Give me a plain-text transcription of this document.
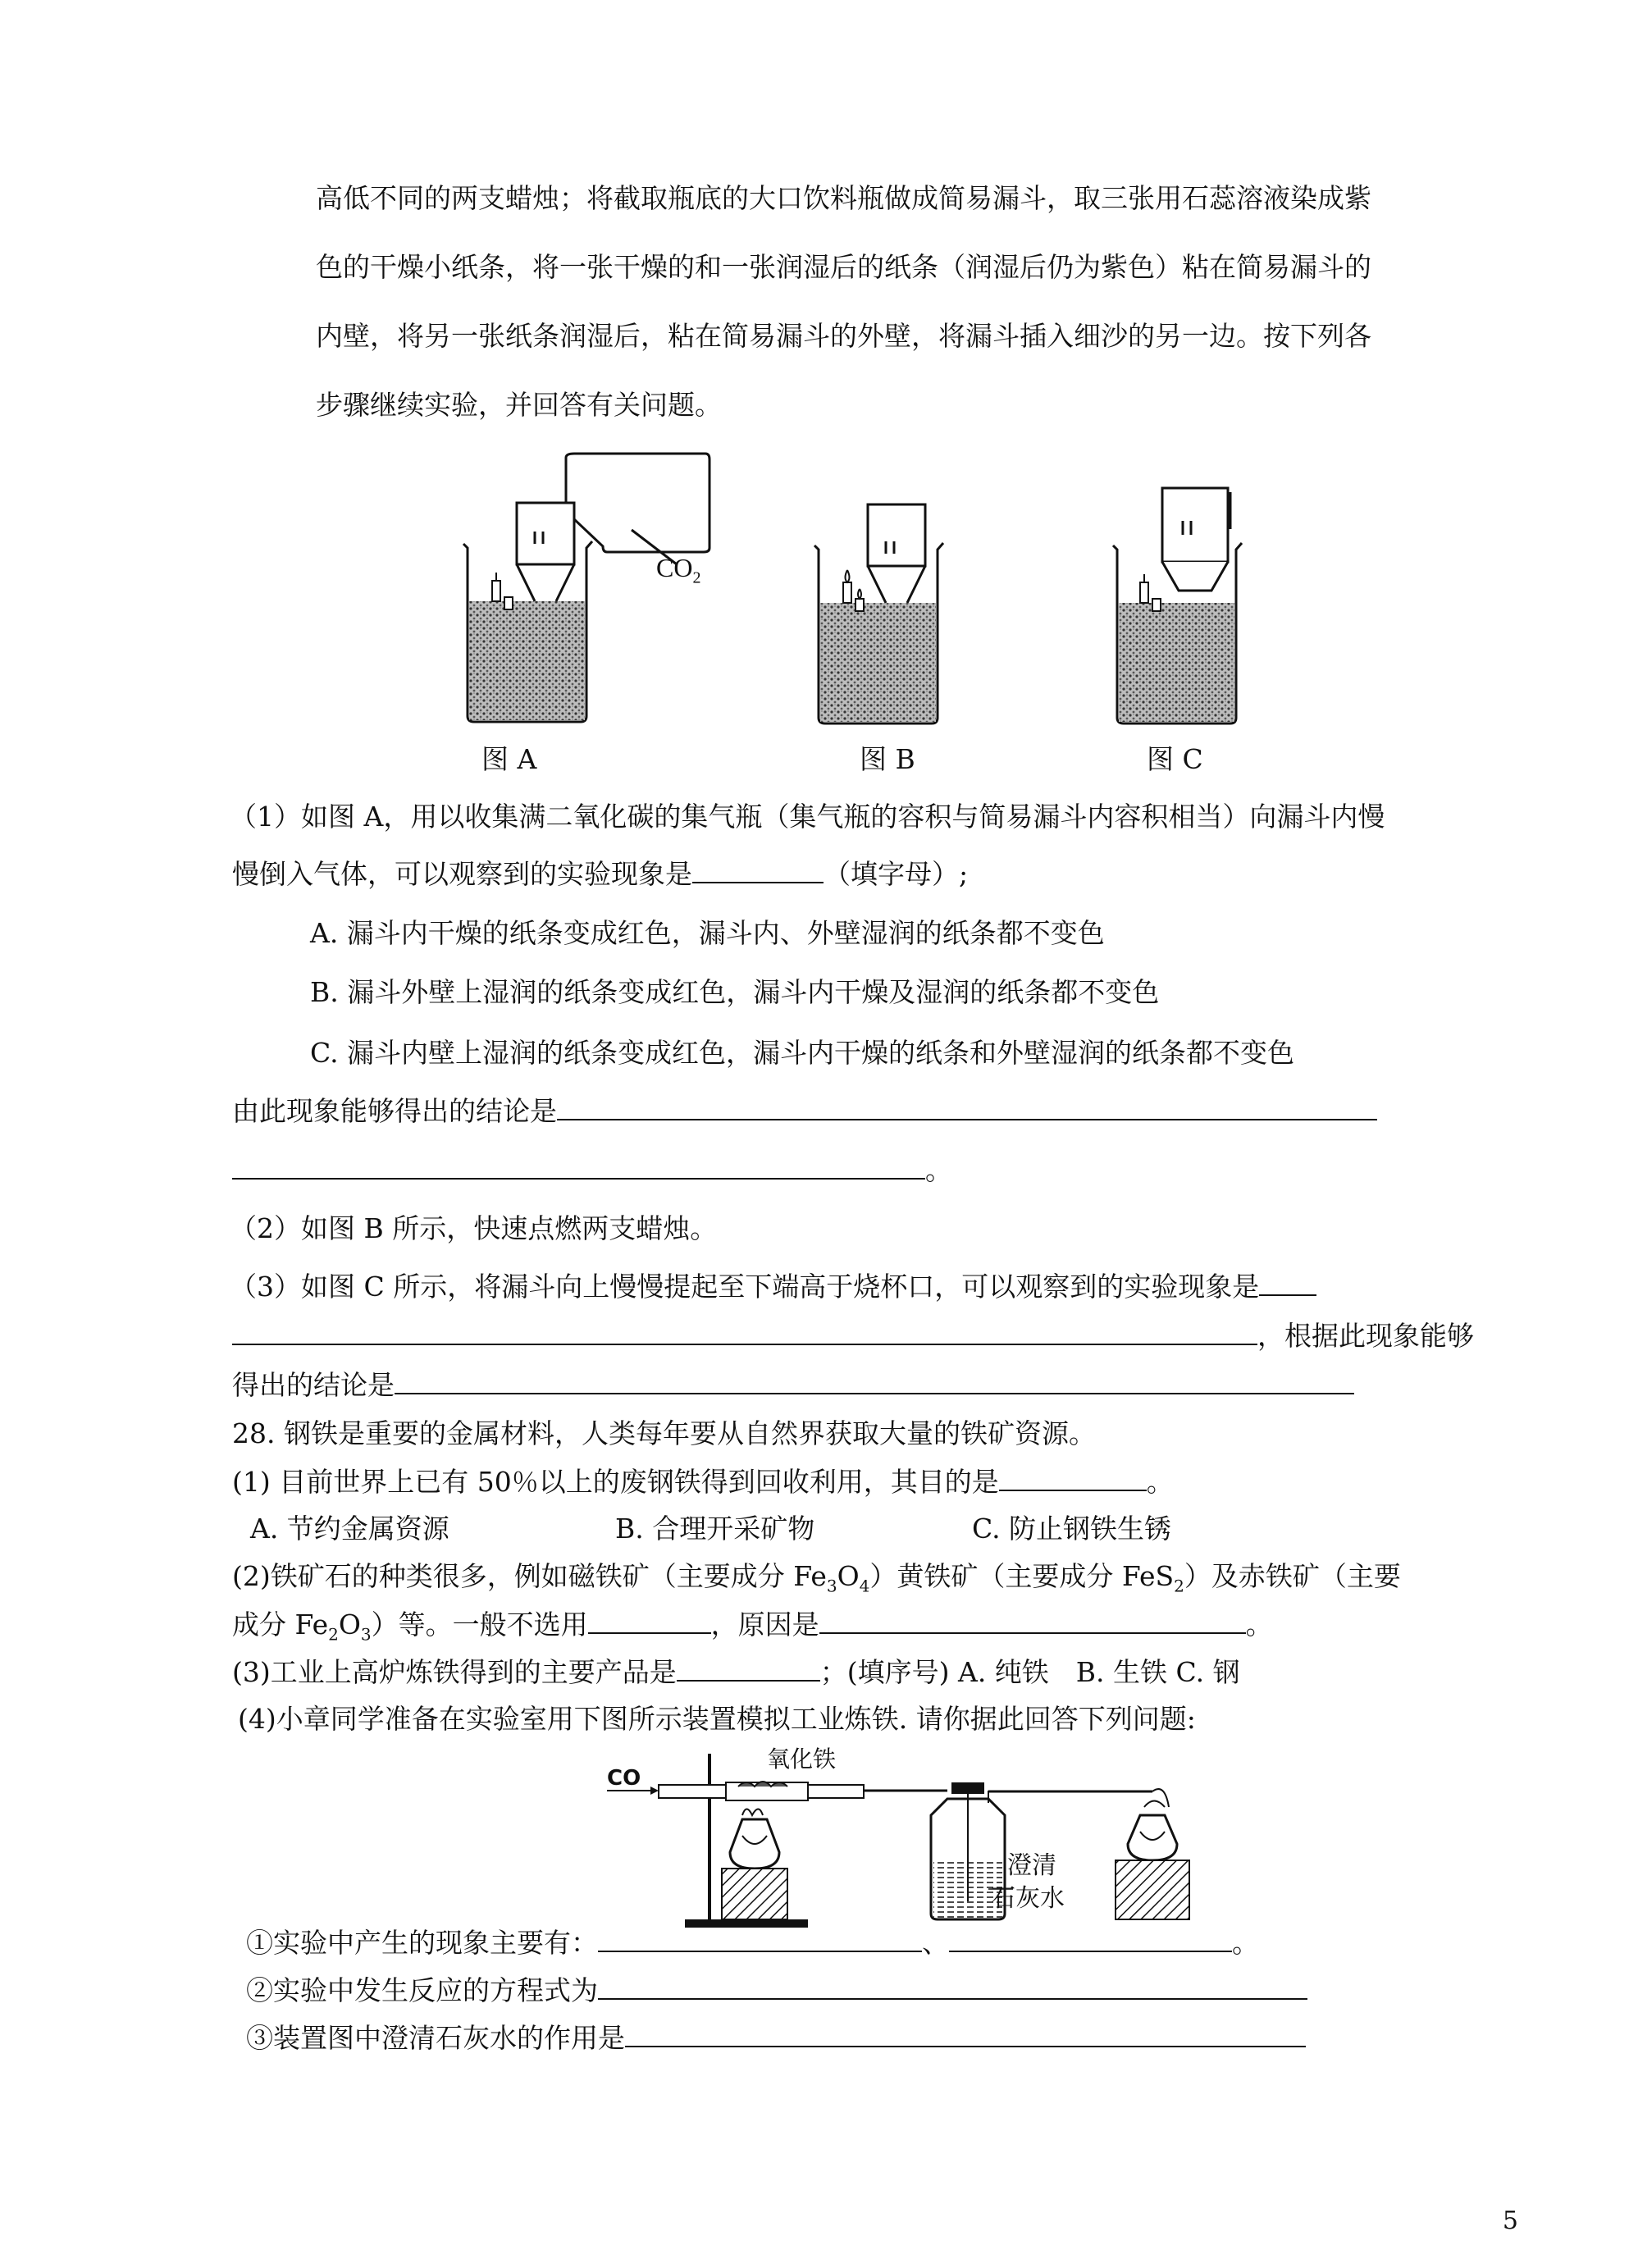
高低不同的两支蜡烛；将截取瓶底的大口饮料瓶做成简易漏斗，取三张用石蕊溶液染成紫
色的干燥小纸条，将一张干燥的和一张润湿后的纸条（润湿后仍为紫色）粘在简易漏斗的
内壁，将另一张纸条润湿后，粘在简易漏斗的外壁，将漏斗插入细沙的另一边。按下列各
步骤继续实验，并回答有关问题。
$CO_2$
图 A	图 B	图 C
（1）如图 A，用以收集满二氧化碳的集气瓶（集气瓶的容积与简易漏斗内容积相当）向漏斗内慢
慢倒入气体，可以观察到的实验现象是	（填字母）;
A. 漏斗内干燥的纸条变成红色，漏斗内、外壁湿润的纸条都不变色
B. 漏斗外壁上湿润的纸条变成红色，漏斗内干燥及湿润的纸条都不变色
C. 漏斗内壁上湿润的纸条变成红色，漏斗内干燥的纸条和外壁湿润的纸条都不变色
由此现象能够得出的结论是
。
（2）如图 B 所示，快速点燃两支蜡烛。
（3）如图 C 所示，将漏斗向上慢慢提起至下端高于烧杯口，可以观察到的实验现象是
，根据此现象能够
得出的结论是
28. 钢铁是重要的金属材料，人类每年要从自然界获取大量的铁矿资源。
(1) 目前世界上已有 50％以上的废钢铁得到回收利用，其目的是	。
A. 节约金属资源	B. 合理开采矿物	C. 防止钢铁生锈
(2)铁矿石的种类很多，例如磁铁矿（主要成分 $Fe_3O_4$）黄铁矿（主要成分 FeS$_2$）及赤铁矿（主要
成分 $Fe_2O_3$）等。一般不选用	，原因是	。
(3)工业上高炉炼铁得到的主要产品是	；(填序号) A. 纯铁　B. 生铁 C. 钢
(4)小章同学准备在实验室用下图所示装置模拟工业炼铁. 请你据此回答下列问题:
CO
氧化铁
澄清
石灰水
①实验中产生的现象主要有：	、	。
②实验中发生反应的方程式为
③装置图中澄清石灰水的作用是
5
